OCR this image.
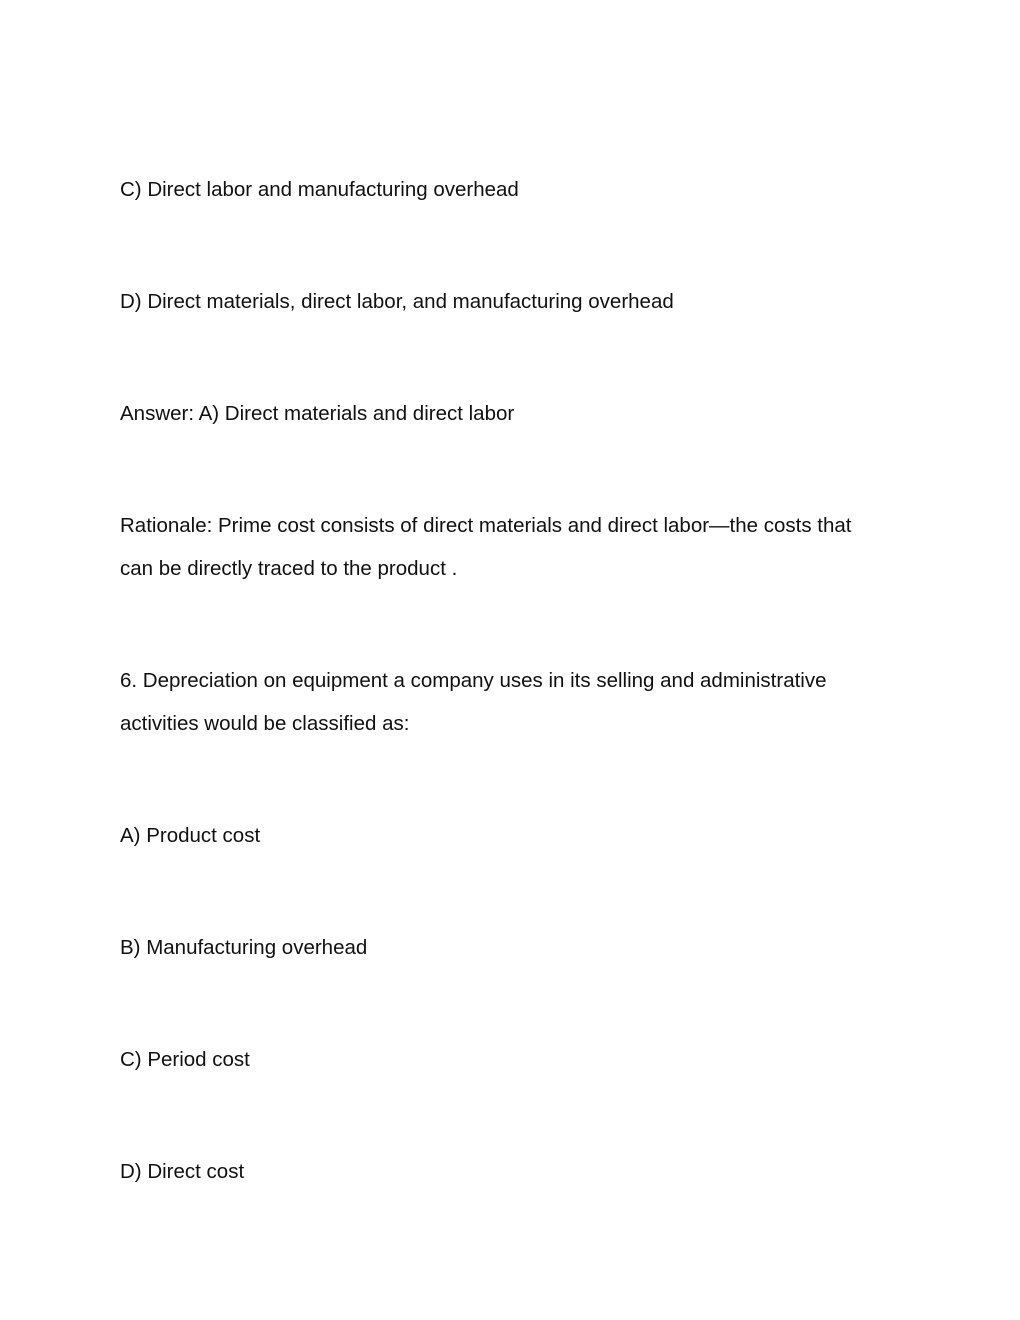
C) Direct labor and manufacturing overhead
D) Direct materials, direct labor, and manufacturing overhead
Answer: A) Direct materials and direct labor
Rationale: Prime cost consists of direct materials and direct labor—the costs that
can be directly traced to the product .
6. Depreciation on equipment a company uses in its selling and administrative
activities would be classified as:
A) Product cost
B) Manufacturing overhead
C) Period cost
D) Direct cost
